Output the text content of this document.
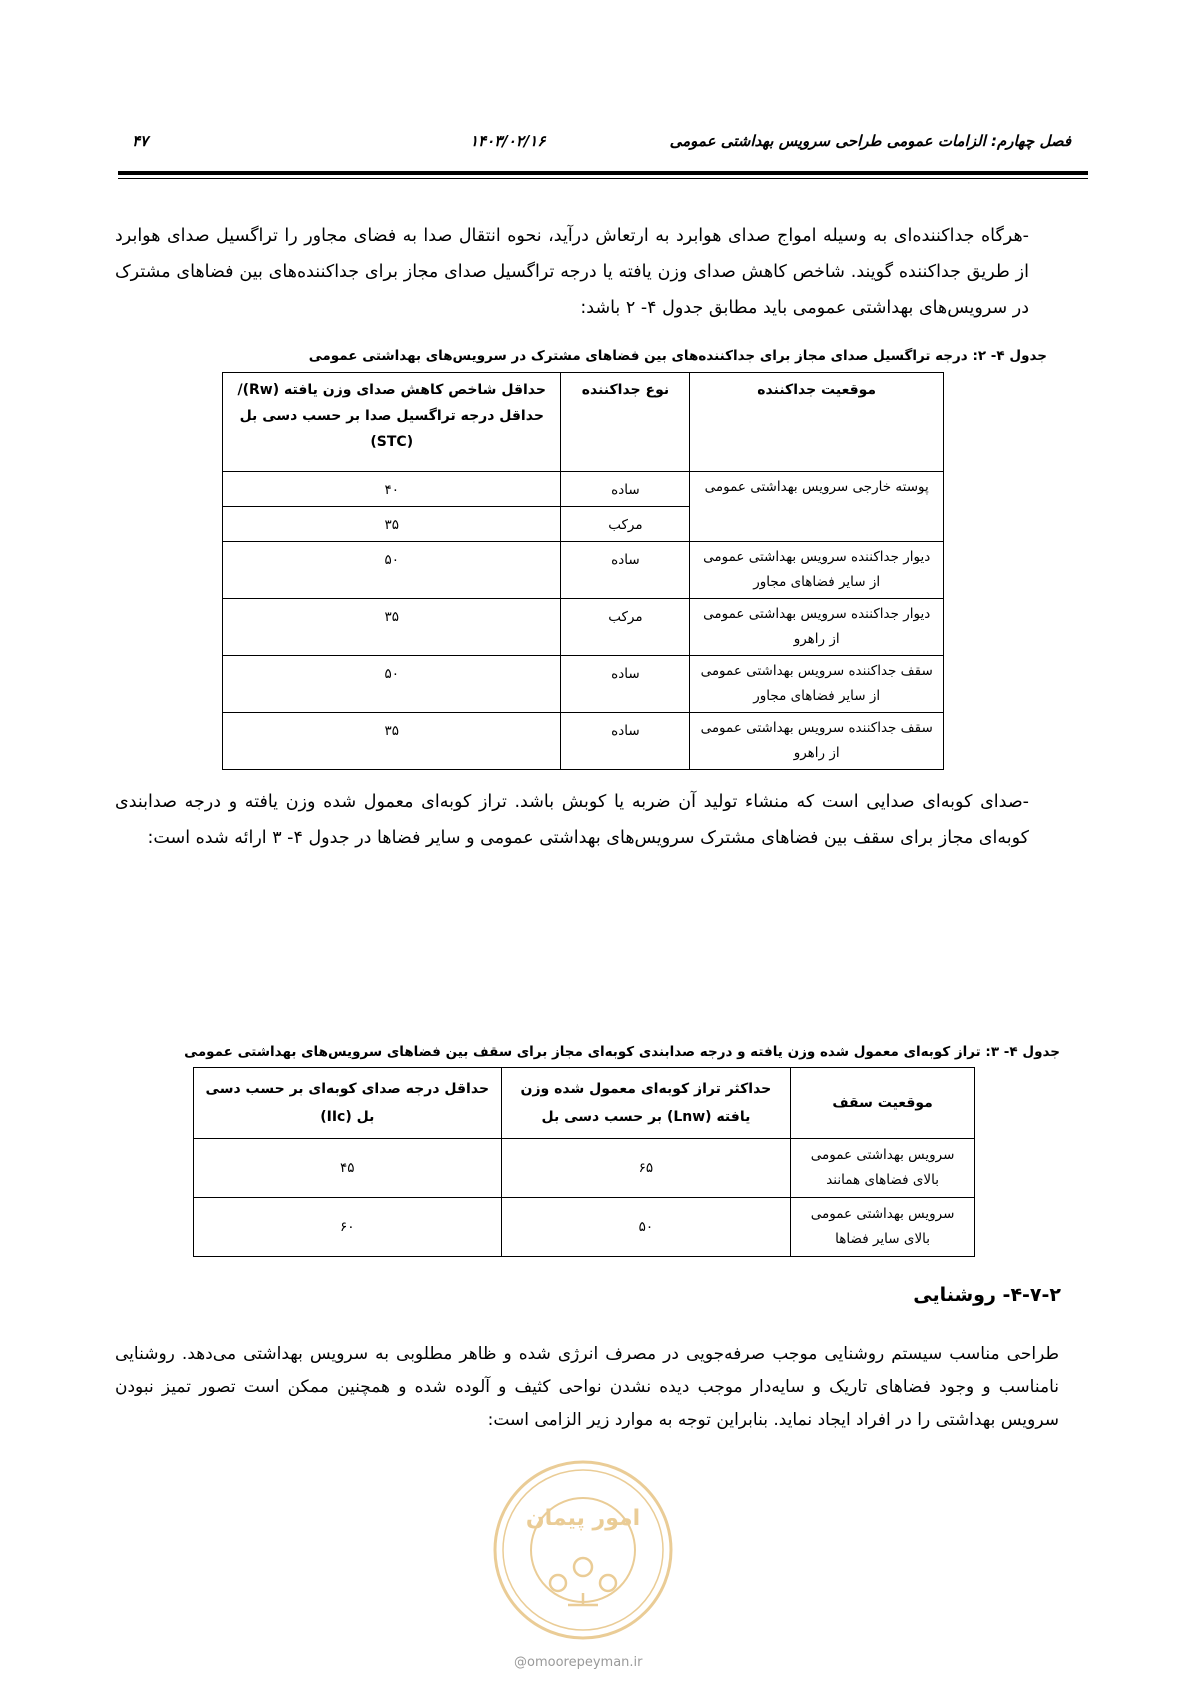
فصل چهارم: الزامات عمومی طراحی سرویس بهداشتی عمومی
۱۴۰۳/۰۲/۱۶
۴۷
-هرگاه جداکننده‌ای به وسیله امواج صدای هوابرد به ارتعاش درآید، نحوه انتقال صدا به فضای مجاور را تراگسیل صدای هوابرد از طریق جداکننده گویند. شاخص کاهش صدای وزن یافته یا درجه تراگسیل صدای مجاز برای جداکننده‌های بین فضاهای مشترک در سرویس‌های بهداشتی عمومی باید مطابق جدول ۴- ۲ باشد:
جدول ۴- ۲: درجه تراگسیل صدای مجاز برای جداکننده‌های بین فضاهای مشترک در سرویس‌های بهداشتی عمومی
موقعیت جداکننده	نوع جداکننده	حداقل شاخص کاهش صدای وزن یافته (Rw)/ حداقل درجه تراگسیل صدا بر حسب دسی بل (STC)
پوسته خارجی سرویس بهداشتی عمومی	ساده	۴۰
	مرکب	۳۵
دیوار جداکننده سرویس بهداشتی عمومی از سایر فضاهای مجاور	ساده	۵۰
دیوار جداکننده سرویس بهداشتی عمومی از راهرو	مرکب	۳۵
سقف جداکننده سرویس بهداشتی عمومی از سایر فضاهای مجاور	ساده	۵۰
سقف جداکننده سرویس بهداشتی عمومی از راهرو	ساده	۳۵
-صدای کوبه‌ای صدایی است که منشاء تولید آن ضربه یا کوبش باشد. تراز کوبه‌ای معمول شده وزن یافته و درجه صدابندی کوبه‌ای مجاز برای سقف بین فضاهای مشترک سرویس‌های بهداشتی عمومی و سایر فضاها در جدول ۴- ۳ ارائه شده است:
جدول ۴- ۳: تراز کوبه‌ای معمول شده وزن یافته و درجه صدابندی کوبه‌ای مجاز برای سقف بین فضاهای سرویس‌های بهداشتی عمومی
موقعیت سقف	حداکثر تراز کوبه‌ای معمول شده وزن یافته (Lnw) بر حسب دسی بل	حداقل درجه صدای کوبه‌ای بر حسب دسی بل (IIc)
سرویس بهداشتی عمومی بالای فضاهای همانند	۶۵	۴۵
سرویس بهداشتی عمومی بالای سایر فضاها	۵۰	۶۰
۴-۷-۲- روشنایی
طراحی مناسب سیستم روشنایی موجب صرفه‌جویی در مصرف انرژی شده و ظاهر مطلوبی به سرویس بهداشتی می‌دهد. روشنایی نامناسب و وجود فضاهای تاریک و سایه‌دار موجب دیده نشدن نواحی کثیف و آلوده شده و همچنین ممکن است تصور تمیز نبودن سرویس بهداشتی را در افراد ایجاد نماید. بنابراین توجه به موارد زیر الزامی است:
امور پیمان
@omoorepeyman.ir
